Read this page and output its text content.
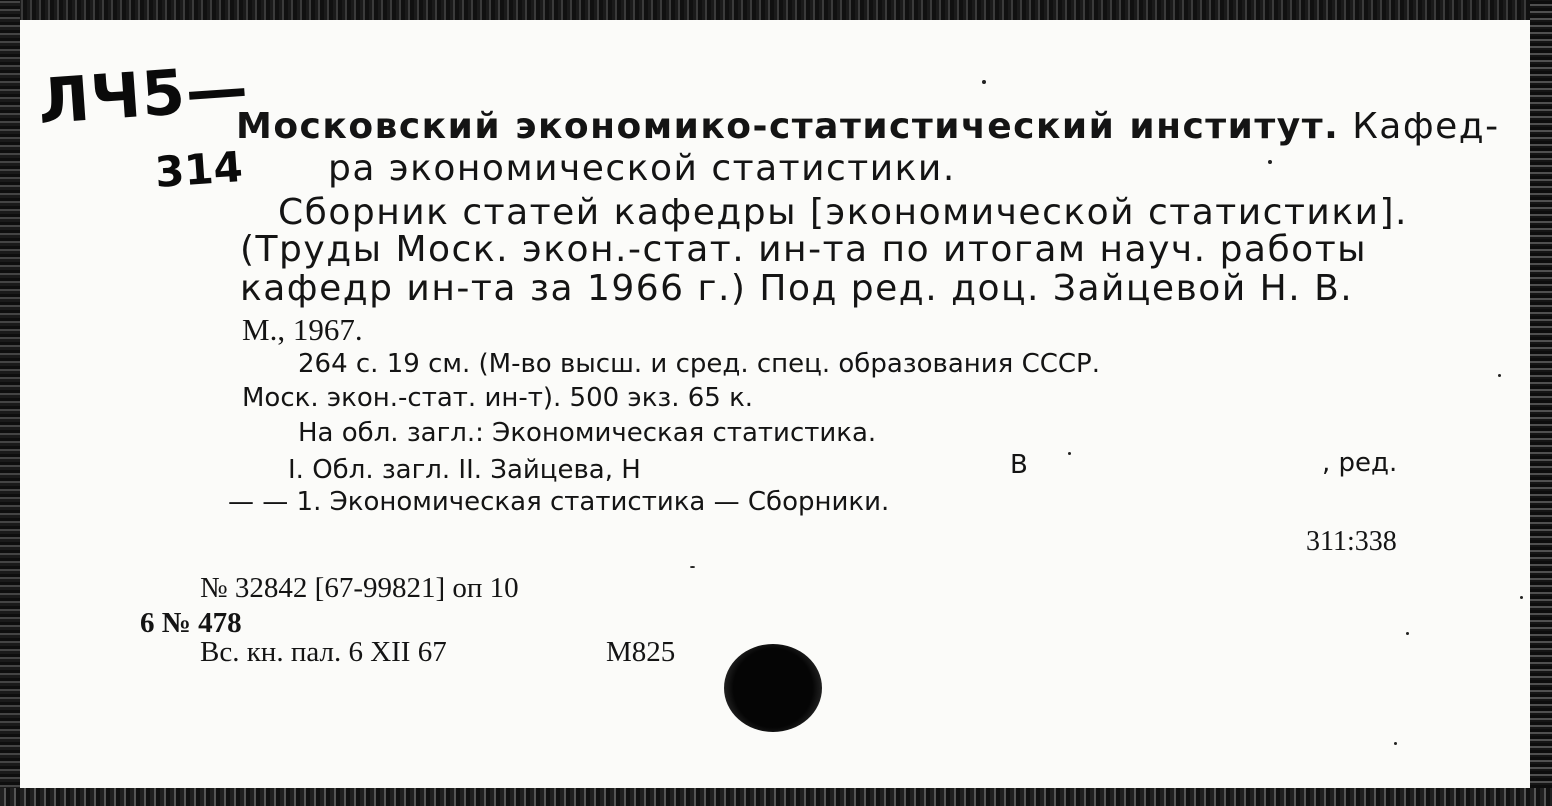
ЛЧ5—
314

Московский экономико-статистический институт. Кафед-

ра экономической статистики.

Сборник статей кафедры [экономической статистики].

(Труды Моск. экон.-стат. ин-та по итогам науч. работы

кафедр ин-та за 1966 г.) Под ред. доц. Зайцевой Н. В.

М., 1967.

264 с. 19 см. (М-во высш. и сред. спец. образования СССР.

Моск. экон.-стат. ин-т). 500 экз. 65 к.

На обл. загл.: Экономическая статистика.

I. Обл. загл. II. Зайцева, Н	В	, ред.

— — 1. Экономическая статистика — Сборники.

311:338

№ 32842 [67-99821] оп 10

6 № 478

Вс. кн. пал. 6 XII 67	М825
